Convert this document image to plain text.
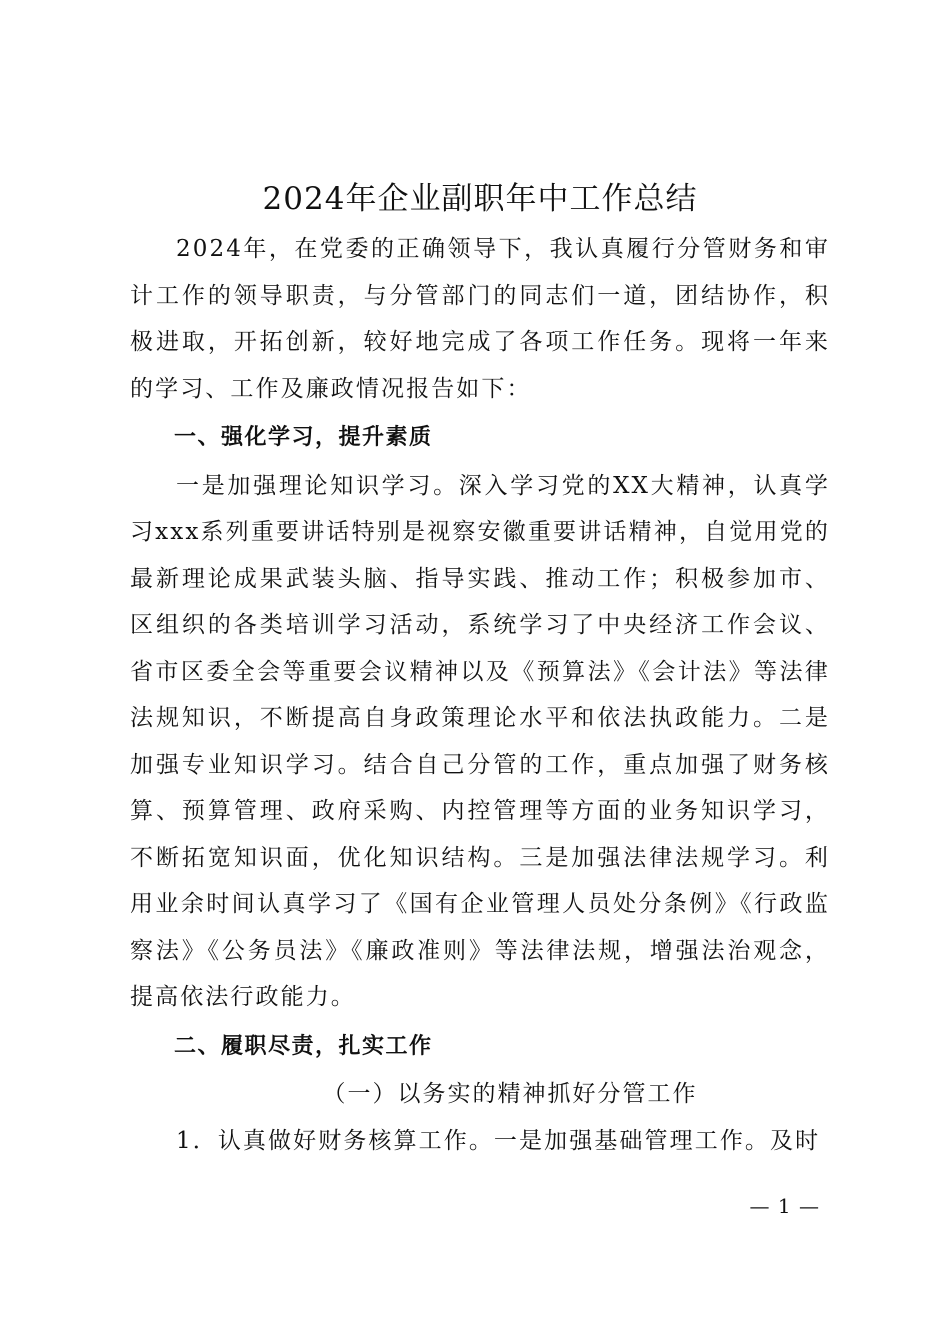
2024年企业副职年中工作总结

2024年，在党委的正确领导下，我认真履行分管财务和审计工作的领导职责，与分管部门的同志们一道，团结协作，积极进取，开拓创新，较好地完成了各项工作任务。现将一年来的学习、工作及廉政情况报告如下：

一、强化学习，提升素质

一是加强理论知识学习。深入学习党的XX大精神，认真学习xxx系列重要讲话特别是视察安徽重要讲话精神，自觉用党的最新理论成果武装头脑、指导实践、推动工作；积极参加市、区组织的各类培训学习活动，系统学习了中央经济工作会议、省市区委全会等重要会议精神以及《预算法》《会计法》等法律法规知识，不断提高自身政策理论水平和依法执政能力。二是加强专业知识学习。结合自己分管的工作，重点加强了财务核算、预算管理、政府采购、内控管理等方面的业务知识学习，不断拓宽知识面，优化知识结构。三是加强法律法规学习。利用业余时间认真学习了《国有企业管理人员处分条例》《行政监察法》《公务员法》《廉政准则》等法律法规，增强法治观念，提高依法行政能力。

二、履职尽责，扎实工作

（一）以务实的精神抓好分管工作

1．认真做好财务核算工作。一是加强基础管理工作。及时

— 1 —
